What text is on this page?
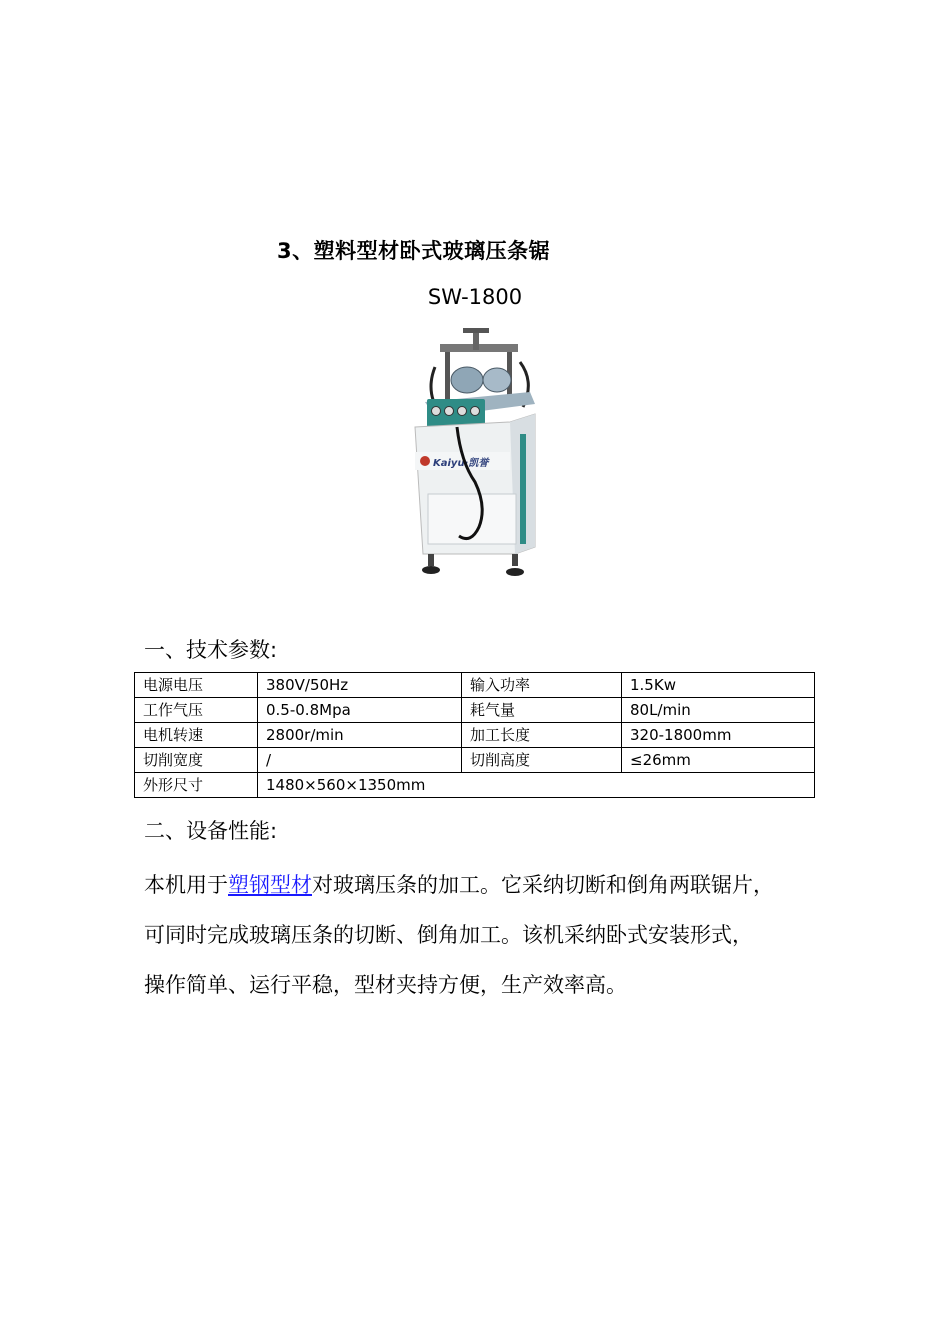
3、塑料型材卧式玻璃压条锯
SW-1800
Kaiyu·凯誉
一、技术参数:
电源电压	380V/50Hz	输入功率	1.5Kw
工作气压	0.5-0.8Mpa	耗气量	80L/min
电机转速	2800r/min	加工长度	320-1800mm
切削宽度	/	切削高度	≤26mm
外形尺寸	1480×560×1350mm		
二、设备性能:
本机用于塑钢型材对玻璃压条的加工。它采纳切断和倒角两联锯片，
可同时完成玻璃压条的切断、倒角加工。该机采纳卧式安装形式，
操作简单、运行平稳，型材夹持方便，生产效率高。
